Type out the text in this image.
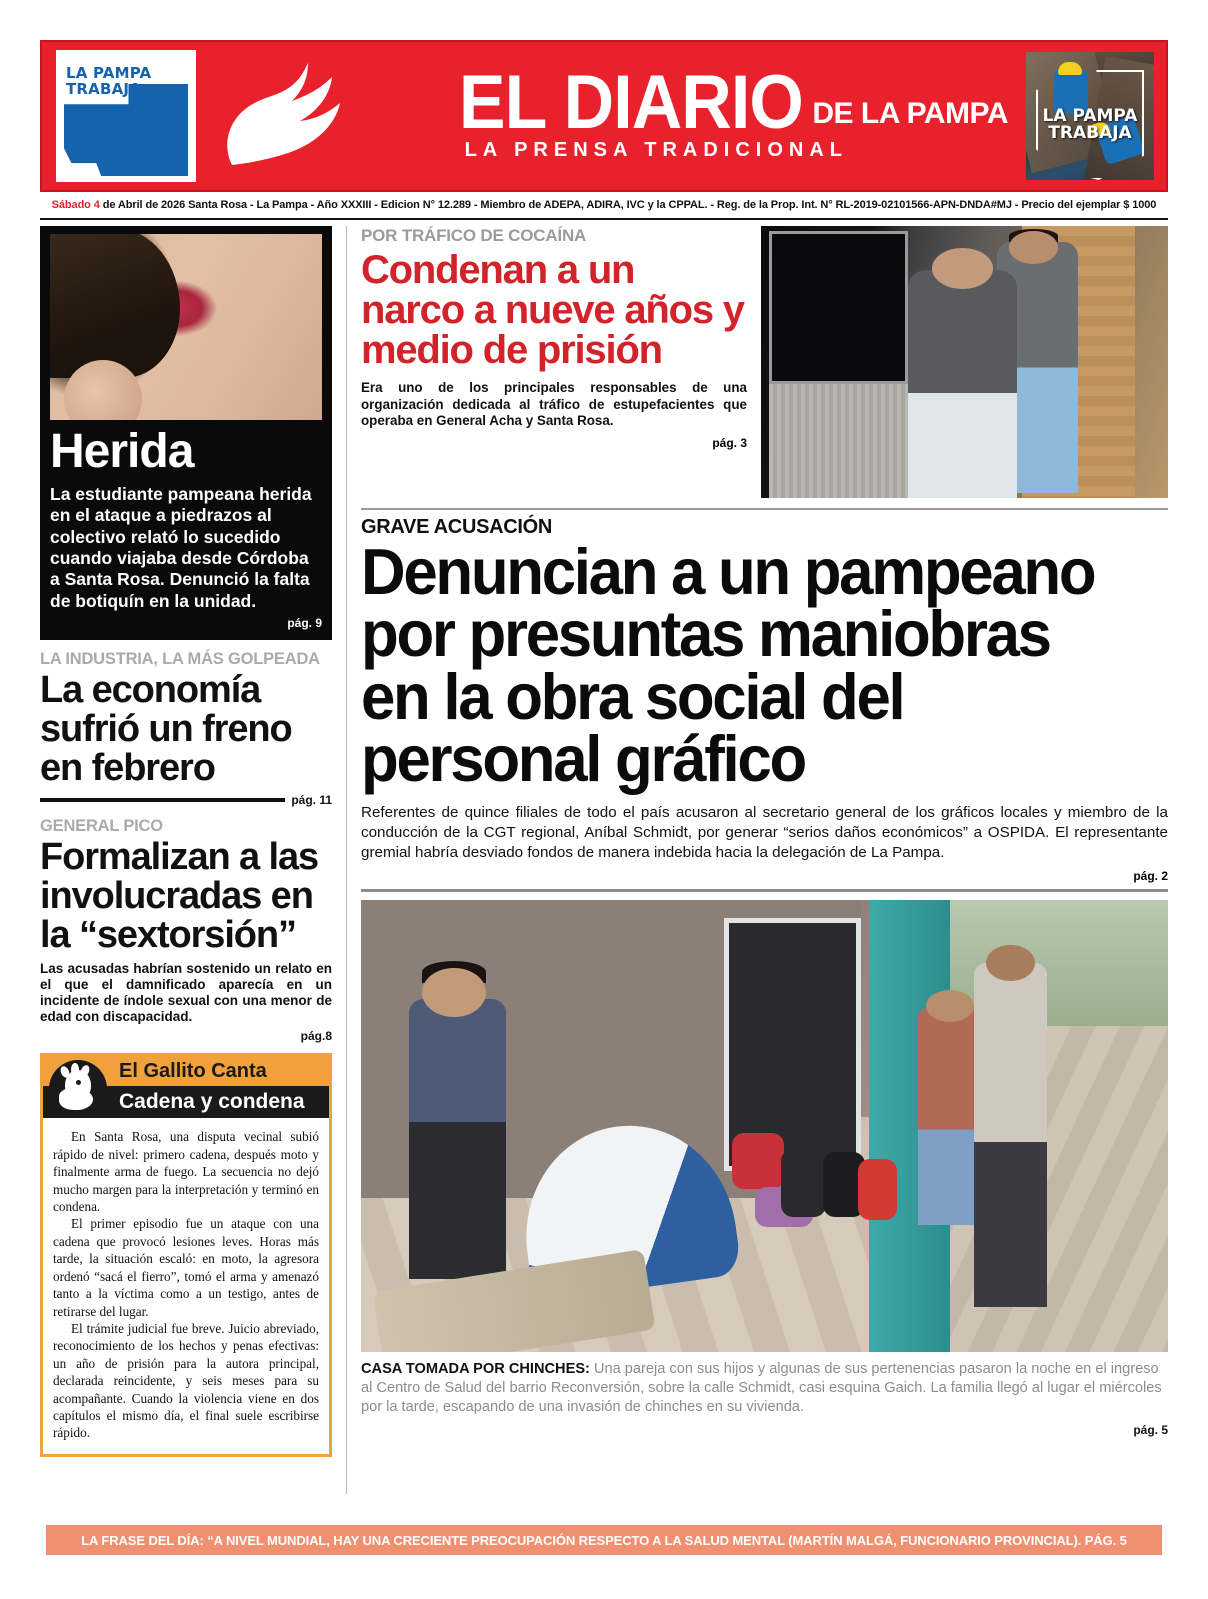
LA PAMPA
TRABAJA	EL DIARIO DE LA PAMPA
LA PRENSA TRADICIONAL
LA PAMPA
TRABAJA
Sábado 4
de Abril de 2026 Santa Rosa - La Pampa - Año XXXIII - Edicion N° 12.289 - Miembro de ADEPA, ADIRA, IVC y la CPPAL. - Reg. de la Prop. Int. N° RL-2019-02101566-APN-DNDA#MJ - Precio del ejemplar $ 1000
Herida
La estudiante pampeana herida en el ataque a piedrazos al colectivo relató lo sucedido cuando viajaba desde Córdoba a Santa Rosa. Denunció la falta de botiquín en la unidad.
pág. 9
LA INDUSTRIA, LA MÁS GOLPEADA
La economía sufrió un freno en febrero
pág. 11
GENERAL PICO
Formalizan a las involucradas en la “sextorsión”
Las acusadas habrían sostenido un relato en el que el damnificado aparecía en un incidente de índole sexual con una menor de edad con discapacidad.
pág.8
El Gallito Canta
Cadena y condena

En Santa Rosa, una disputa vecinal subió rápido de nivel: primero cadena, después moto y finalmente arma de fuego. La secuencia no dejó mucho margen para la interpretación y terminó en condena.

El primer episodio fue un ataque con una cadena que provocó lesiones leves. Horas más tarde, la situación escaló: en moto, la agresora ordenó “sacá el fierro”, tomó el arma y amenazó tanto a la víctima como a un testigo, antes de retirarse del lugar.

El trámite judicial fue breve. Juicio abreviado, reconocimiento de los hechos y penas efectivas: un año de prisión para la autora principal, declarada reincidente, y seis meses para su acompañante. Cuando la violencia viene en dos capítulos el mismo día, el final suele escribirse rápido.

POR TRÁFICO DE COCAÍNA
Condenan a un narco a nueve años y medio de prisión
Era uno de los principales responsables de una organización dedicada al tráfico de estupefacientes que operaba en General Acha y Santa Rosa.
pág. 3
GRAVE ACUSACIÓN
Denuncian a un pampeano por presuntas maniobras en la obra social del personal gráfico
Referentes de quince filiales de todo el país acusaron al secretario general de los gráficos locales y miembro de la conducción de la CGT regional, Aníbal Schmidt, por generar “serios daños económicos” a OSPIDA. El representante gremial habría desviado fondos de manera indebida hacia la delegación de La Pampa.
pág. 2
CASA TOMADA POR CHINCHES: Una pareja con sus hijos y algunas de sus pertenencias pasaron la noche en el ingreso al Centro de Salud del barrio Reconversión, sobre la calle Schmidt, casi esquina Gaich. La familia llegó al lugar el miércoles por la tarde, escapando de una invasión de chinches en su vivienda.
pág. 5
LA FRASE DEL DÍA: “A NIVEL MUNDIAL, HAY UNA CRECIENTE PREOCUPACIÓN RESPECTO A LA SALUD MENTAL (MARTÍN MALGÁ, FUNCIONARIO PROVINCIAL). PÁG. 5
